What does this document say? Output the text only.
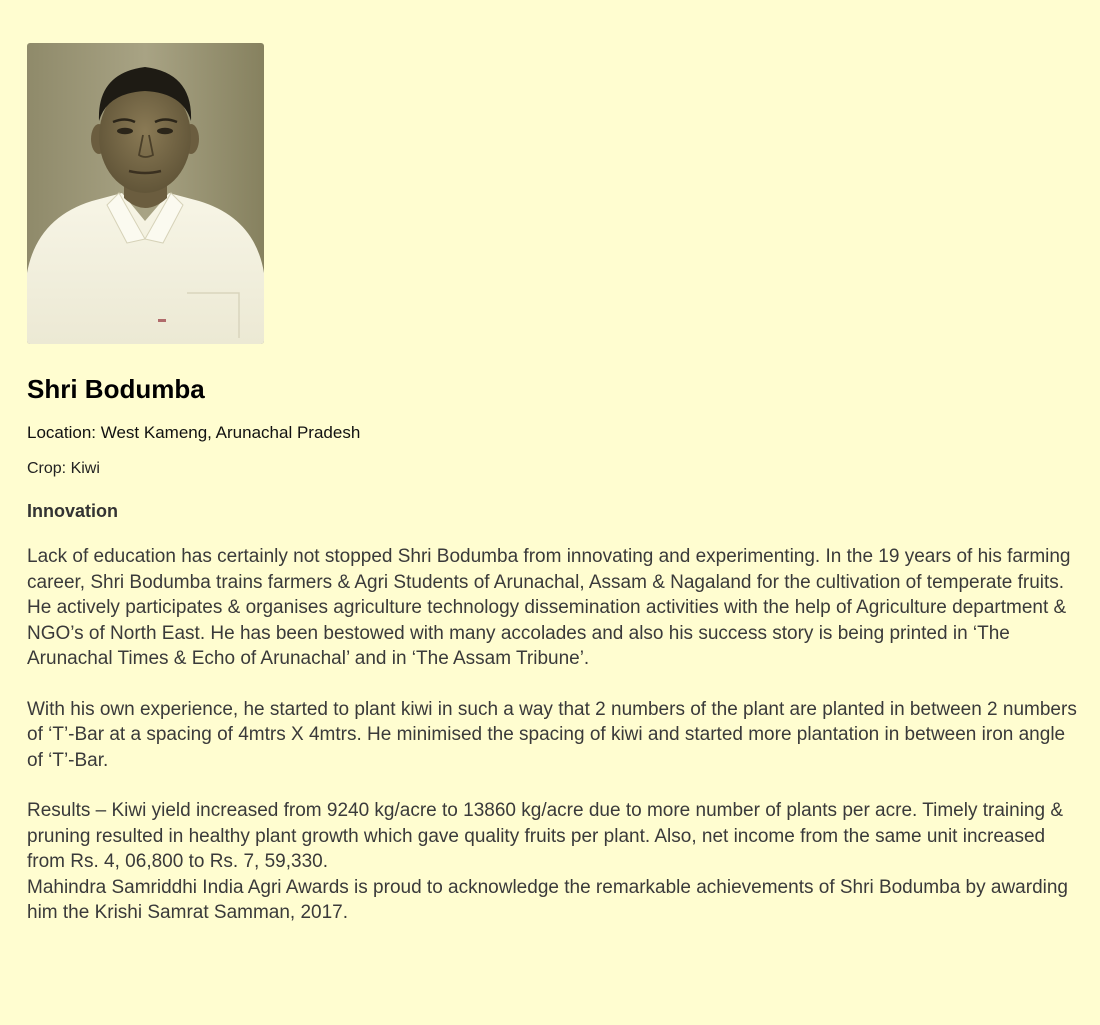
Shri Bodumba

Location: West Kameng, Arunachal Pradesh

Crop: Kiwi

Innovation

Lack of education has certainly not stopped Shri Bodumba from innovating and experimenting. In the 19 years of his farming career, Shri Bodumba trains farmers & Agri Students of Arunachal, Assam & Nagaland for the cultivation of temperate fruits. He actively participates & organises agriculture technology dissemination activities with the help of Agriculture department & NGO’s of North East. He has been bestowed with many accolades and also his success story is being printed in ‘The Arunachal Times & Echo of Arunachal’ and in ‘The Assam Tribune’.

With his own experience, he started to plant kiwi in such a way that 2 numbers of the plant are planted in between 2 numbers of ‘T’-Bar at a spacing of 4mtrs X 4mtrs. He minimised the spacing of kiwi and started more plantation in between iron angle of ‘T’-Bar.

Results – Kiwi yield increased from 9240 kg/acre to 13860 kg/acre due to more number of plants per acre. Timely training & pruning resulted in healthy plant growth which gave quality fruits per plant. Also, net income from the same unit increased from Rs. 4, 06,800 to Rs. 7, 59,330.

Mahindra Samriddhi India Agri Awards is proud to acknowledge the remarkable achievements of Shri Bodumba by awarding him the Krishi Samrat Samman, 2017.
